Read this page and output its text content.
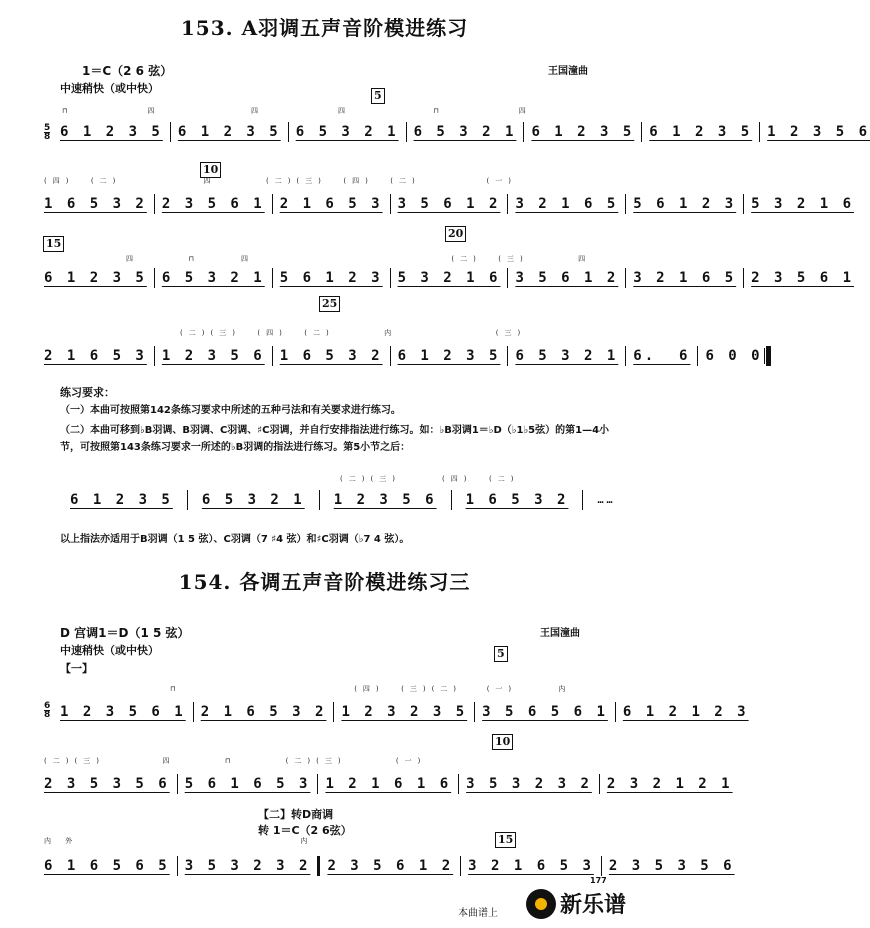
153. A羽调五声音阶模进练习
1＝C（2 6 弦）	王国潼曲
中速稍快（或中快）
5
10
15
20
25
5
8
⊓         四           四         四          ⊓         四
6 1 2 3 5 6 1 2 3 5 6 5 3 2 1 6 5 3 2 1 6 1 2 3 5 6 1 2 3 5 1 2 3 5 6
(四)  (二)          四      (二)(三)  (四)  (二)        (一)
1 6 5 3 2 2 3 5 6 1 2 1 6 5 3 3 5 6 1 2 3 2 1 6 5 5 6 1 2 3 5 3 2 1 6
四      ⊓     四                        (二)  (三)      四
6 1 2 3 5 6 5 3 2 1 5 6 1 2 3 5 3 2 1 6 3 5 6 1 2 3 2 1 6 5 2 3 5 6 1
(二)(三)  (四)  (二)      内            (三)
2 1 6 5 3 1 2 3 5 6 1 6 5 3 2 6 1 2 3 5 6 5 3 2 1 6.  6 6 0 0
练习要求：
（一）本曲可按照第142条练习要求中所述的五种弓法和有关要求进行练习。
（二）本曲可移到♭B羽调、B羽调、C羽调、♯C羽调，并自行安排指法进行练习。如：♭B羽调1＝♭D（♭1♭5弦）的第1—4小节，可按照第143条练习要求一所述的♭B羽调的指法进行练习。第5小节之后：
(二)(三)     (四)  (二)
6 1 2 3 5 6 5 3 2 1 1 2 3 5 6 1 6 5 3 2	……
以上指法亦适用于B羽调（1 5 弦）、C羽调（7 ♯4 弦）和♯C羽调（♭7 4 弦）。
154. 各调五声音阶模进练习三
D 宫调1＝D（1 5 弦）	王国潼曲
中速稍快（或中快）
【一】
5
10
15
6
8
⊓                     (四)  (三)(二)   (一)     内
1 2 3 5 6 1 2 1 6 5 3 2 1 2 3 2 3 5 3 5 6 5 6 1 6 1 2 1 2 3
(二)(三)       四      ⊓      (二)(三)      (一)
2 3 5 3 5 6 5 6 1 6 5 3 1 2 1 6 1 6 3 5 3 2 3 2 2 3 2 1 2 1
【二】转D商调
转 1＝C（2 6弦）
内 外                           内
6 1 6 5 6 5 3 5 3 2 3 2 2 3 5 6 1 2 3 2 1 6 5 3 2 3 5 3 5 6
177
本曲谱上	新乐谱
